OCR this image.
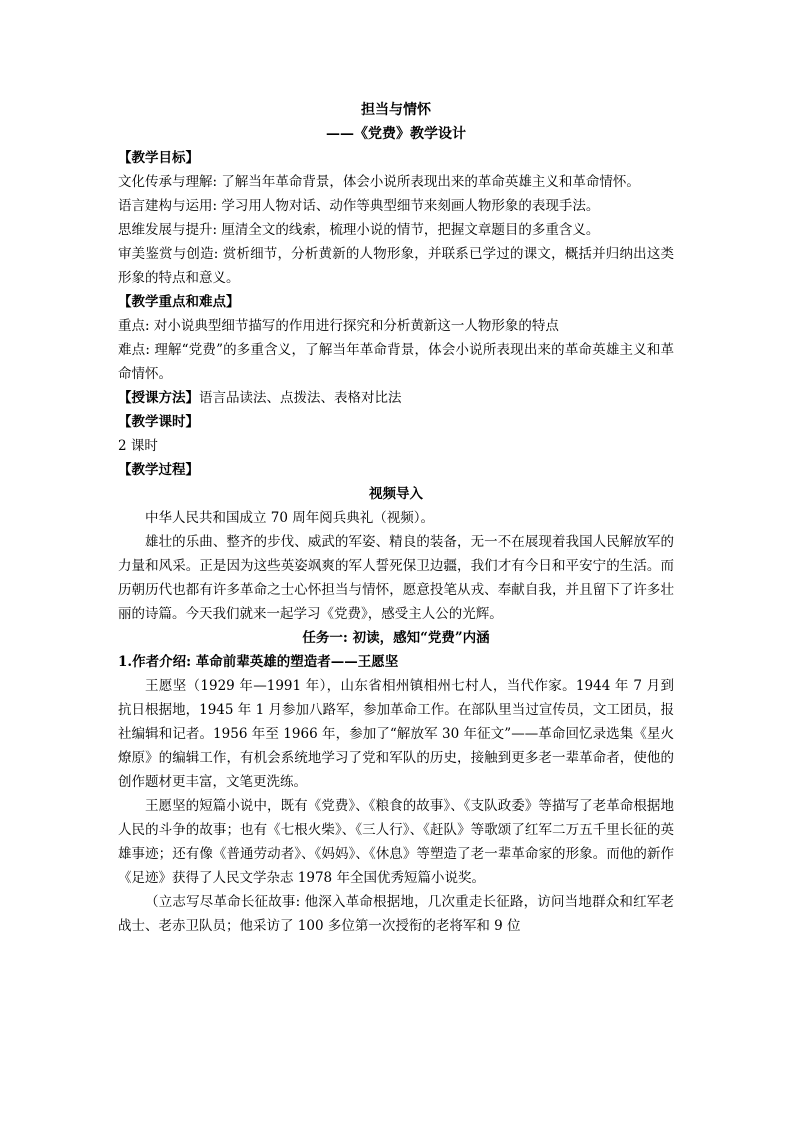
担当与情怀
——《党费》教学设计
【教学目标】

文化传承与理解: 了解当年革命背景，体会小说所表现出来的革命英雄主义和革命情怀。

语言建构与运用: 学习用人物对话、动作等典型细节来刻画人物形象的表现手法。

思维发展与提升: 厘清全文的线索，梳理小说的情节，把握文章题目的多重含义。

审美鉴赏与创造: 赏析细节，分析黄新的人物形象，并联系已学过的课文，概括并归纳出这类形象的特点和意义。

【教学重点和难点】

重点: 对小说典型细节描写的作用进行探究和分析黄新这一人物形象的特点

难点: 理解“党费”的多重含义，了解当年革命背景，体会小说所表现出来的革命英雄主义和革命情怀。

【授课方法】语言品读法、点拨法、表格对比法

【教学课时】

2 课时

【教学过程】
视频导入

中华人民共和国成立 70 周年阅兵典礼（视频）。

雄壮的乐曲、整齐的步伐、威武的军姿、精良的装备，无一不在展现着我国人民解放军的力量和风采。正是因为这些英姿飒爽的军人誓死保卫边疆，我们才有今日和平安宁的生活。而历朝历代也都有许多革命之士心怀担当与情怀，愿意投笔从戎、奉献自我，并且留下了许多壮丽的诗篇。今天我们就来一起学习《党费》，感受主人公的光辉。

任务一: 初读，感知“党费”内涵
1.作者介绍: 革命前辈英雄的塑造者——王愿坚

王愿坚（1929 年—1991 年），山东省相州镇相州七村人，当代作家。1944 年 7 月到抗日根据地，1945 年 1 月参加八路军，参加革命工作。在部队里当过宣传员，文工团员，报社编辑和记者。1956 年至 1966 年，参加了“解放军 30 年征文”——革命回忆录选集《星火燎原》的编辑工作，有机会系统地学习了党和军队的历史，接触到更多老一辈革命者，使他的创作题材更丰富，文笔更洗练。

王愿坚的短篇小说中，既有《党费》、《粮食的故事》、《支队政委》等描写了老革命根据地人民的斗争的故事；也有《七根火柴》、《三人行》、《赶队》等歌颂了红军二万五千里长征的英雄事迹；还有像《普通劳动者》、《妈妈》、《休息》等塑造了老一辈革命家的形象。而他的新作《足迹》获得了人民文学杂志 1978 年全国优秀短篇小说奖。

（立志写尽革命长征故事: 他深入革命根据地，几次重走长征路，访问当地群众和红军老战士、老赤卫队员；他采访了 100 多位第一次授衔的老将军和 9 位
